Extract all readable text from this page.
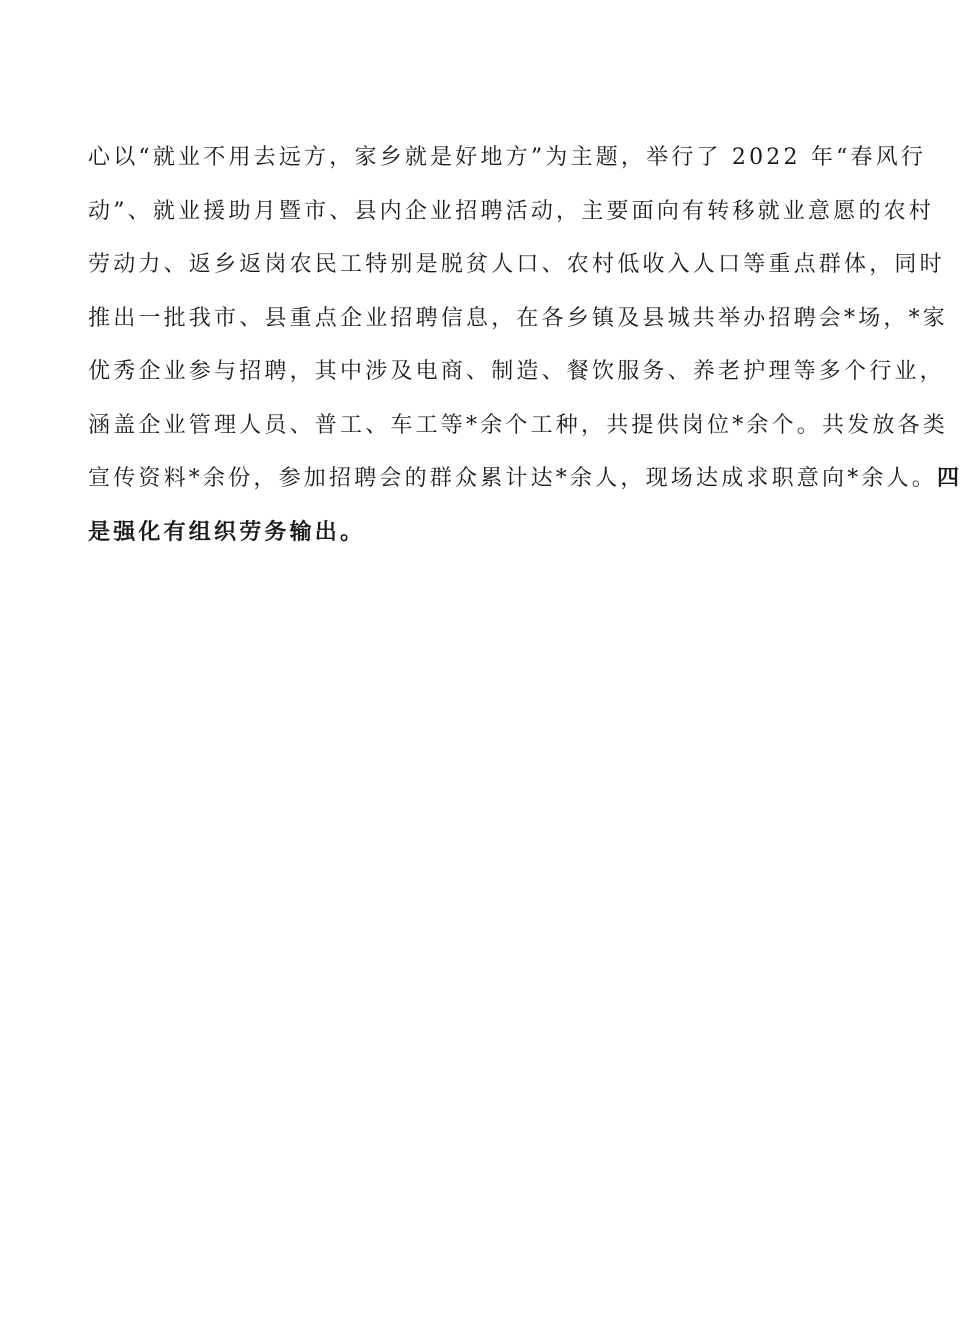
心以“就业不用去远方，家乡就是好地方”为主题，举行了 2022 年“春风行
动”、就业援助月暨市、县内企业招聘活动，主要面向有转移就业意愿的农村
劳动力、返乡返岗农民工特别是脱贫人口、农村低收入人口等重点群体，同时
推出一批我市、县重点企业招聘信息，在各乡镇及县城共举办招聘会*场，*家
优秀企业参与招聘，其中涉及电商、制造、餐饮服务、养老护理等多个行业，
涵盖企业管理人员、普工、车工等*余个工种，共提供岗位*余个。共发放各类
宣传资料*余份，参加招聘会的群众累计达*余人，现场达成求职意向*余人。四
是强化有组织劳务输出。
